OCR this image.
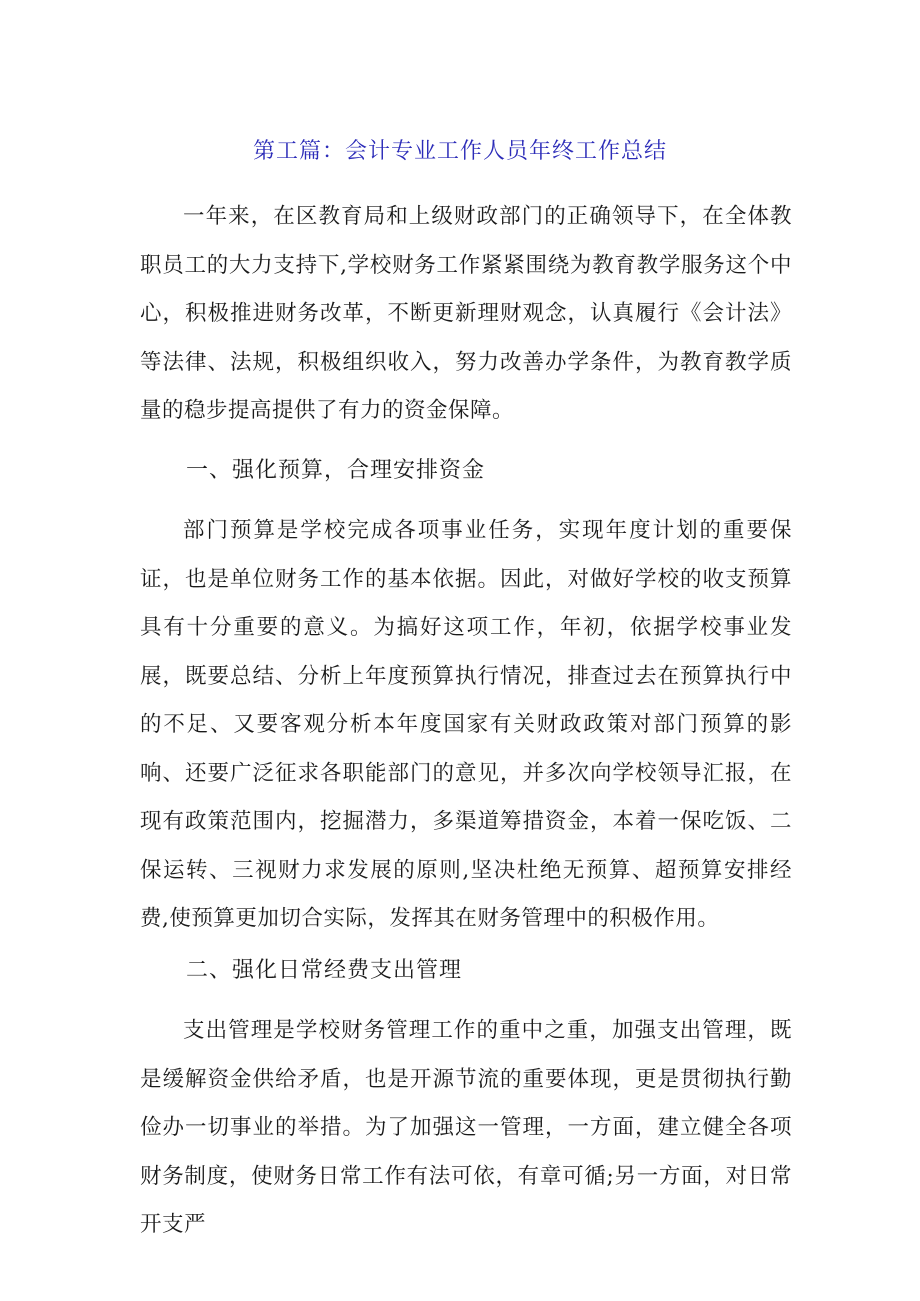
第工篇：会计专业工作人员年终工作总结

一年来，在区教育局和上级财政部门的正确领导下，在全体教职员工的大力支持下,学校财务工作紧紧围绕为教育教学服务这个中心，积极推进财务改革，不断更新理财观念，认真履行《会计法》等法律、法规，积极组织收入，努力改善办学条件，为教育教学质量的稳步提高提供了有力的资金保障。

一、强化预算，合理安排资金

部门预算是学校完成各项事业任务，实现年度计划的重要保证，也是单位财务工作的基本依据。因此，对做好学校的收支预算具有十分重要的意义。为搞好这项工作，年初，依据学校事业发展，既要总结、分析上年度预算执行情况，排查过去在预算执行中的不足、又要客观分析本年度国家有关财政政策对部门预算的影响、还要广泛征求各职能部门的意见，并多次向学校领导汇报，在现有政策范围内，挖掘潜力，多渠道筹措资金，本着一保吃饭、二保运转、三视财力求发展的原则,坚决杜绝无预算、超预算安排经费,使预算更加切合实际，发挥其在财务管理中的积极作用。

二、强化日常经费支出管理

支出管理是学校财务管理工作的重中之重，加强支出管理，既是缓解资金供给矛盾，也是开源节流的重要体现，更是贯彻执行勤俭办一切事业的举措。为了加强这一管理，一方面，建立健全各项财务制度，使财务日常工作有法可依，有章可循;另一方面，对日常开支严
